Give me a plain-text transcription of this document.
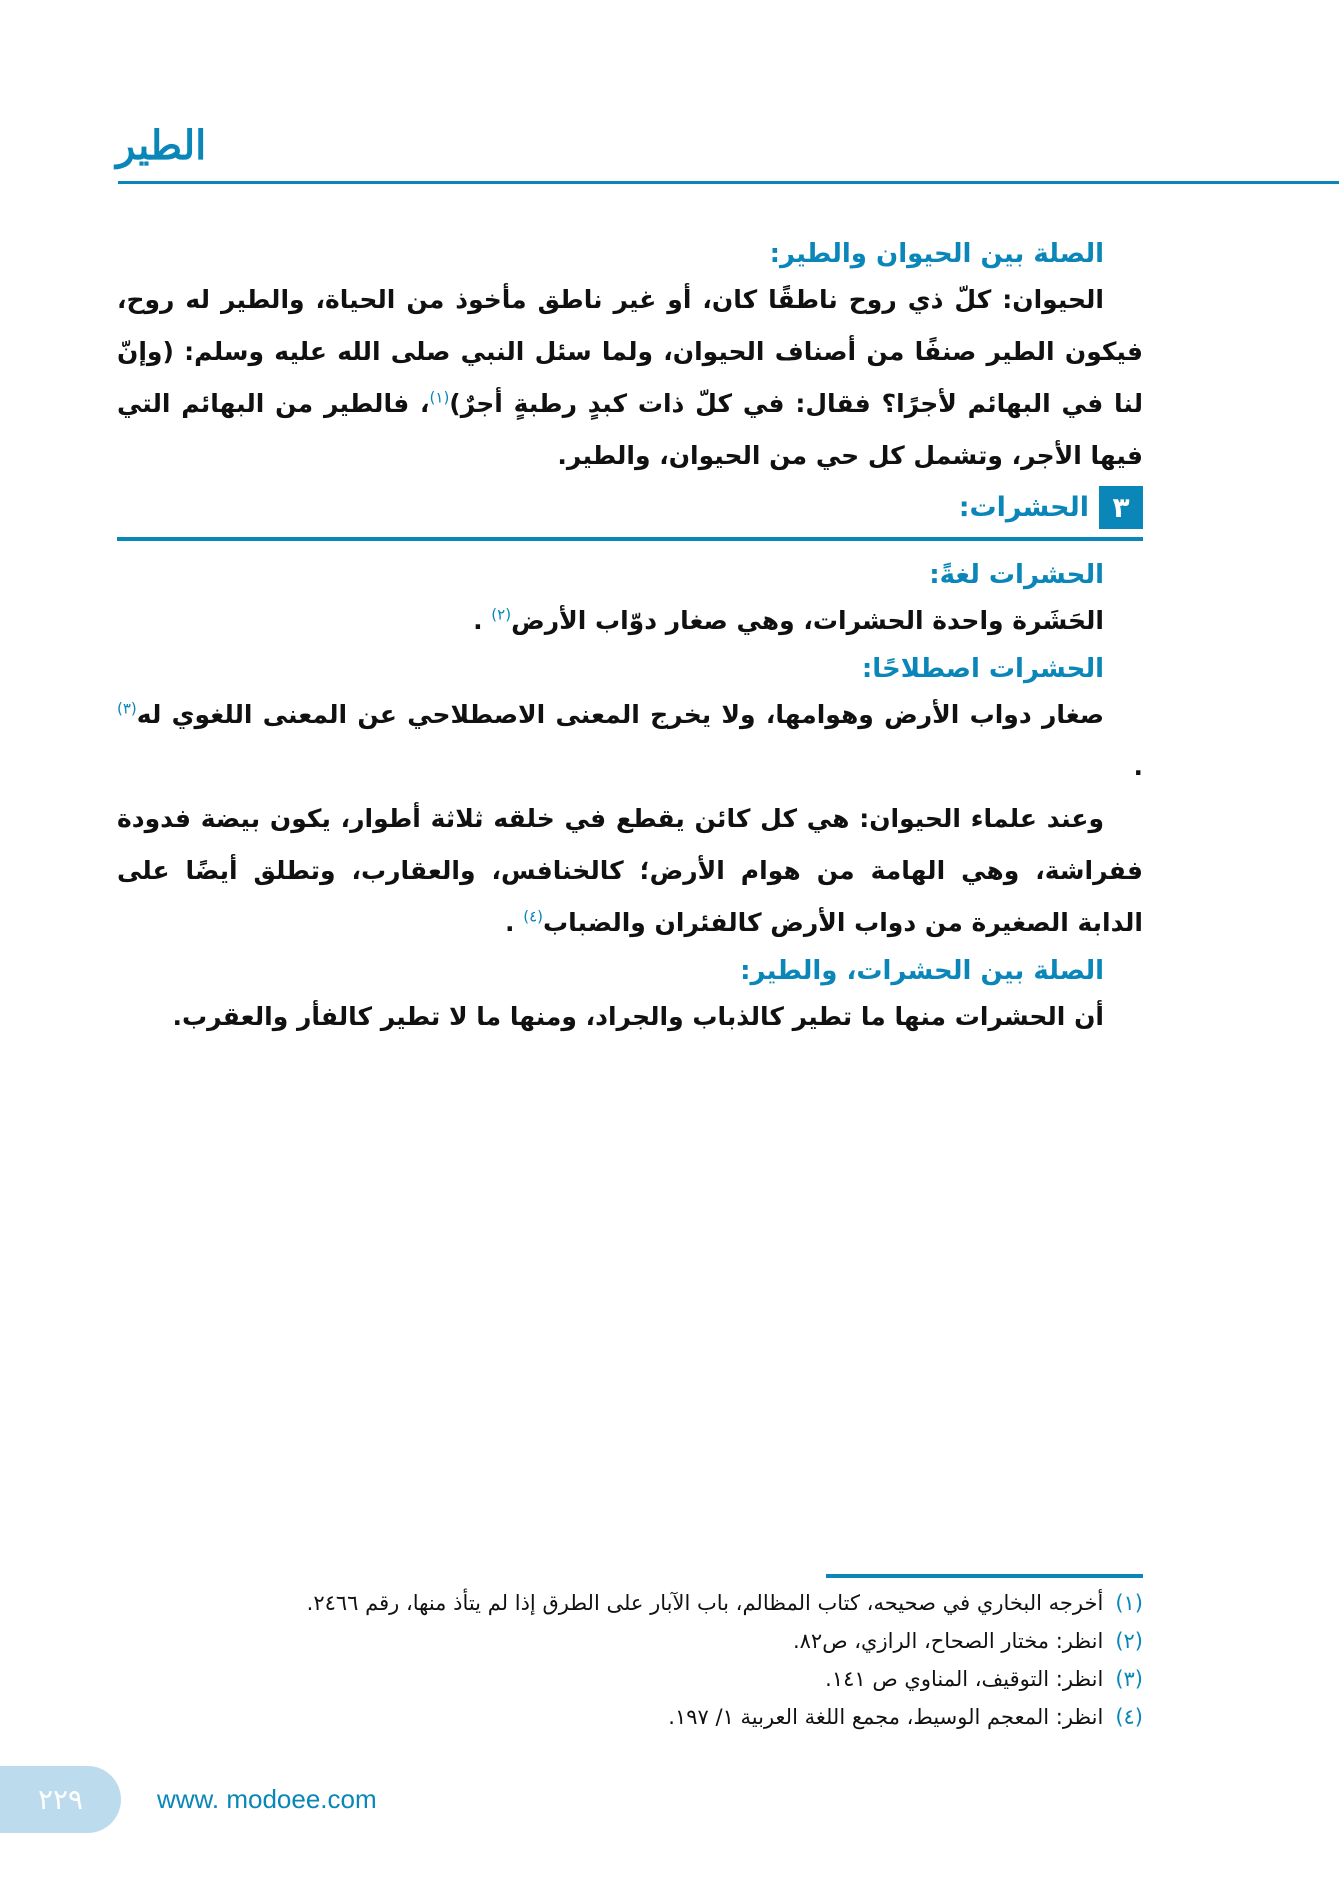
الطير
الصلة بين الحيوان والطير:

الحيوان: كلّ ذي روح ناطقًا كان، أو غير ناطق مأخوذ من الحياة، والطير له روح، فيكون الطير صنفًا من أصناف الحيوان، ولما سئل النبي صلى الله عليه وسلم: (وإنّ لنا في البهائم لأجرًا؟ فقال: في كلّ ذات كبدٍ رطبةٍ أجرٌ)$^{(١)}$، فالطير من البهائم التي فيها الأجر، وتشمل كل حي من الحيوان، والطير.

٣
الحشرات:
الحشرات لغةً:

الحَشَرة واحدة الحشرات، وهي صغار دوّاب الأرض$^{(٢)}$ .

الحشرات اصطلاحًا:

صغار دواب الأرض وهوامها، ولا يخرج المعنى الاصطلاحي عن المعنى اللغوي له$^{(٣)}$ .

وعند علماء الحيوان: هي كل كائن يقطع في خلقه ثلاثة أطوار، يكون بيضة فدودة ففراشة، وهي الهامة من هوام الأرض؛ كالخنافس، والعقارب، وتطلق أيضًا على الدابة الصغيرة من دواب الأرض كالفئران والضباب$^{(٤)}$ .

الصلة بين الحشرات، والطير:

أن الحشرات منها ما تطير كالذباب والجراد، ومنها ما لا تطير كالفأر والعقرب.

(١)أخرجه البخاري في صحيحه، كتاب المظالم، باب الآبار على الطرق إذا لم يتأذ منها، رقم ٢٤٦٦.
(٢)انظر: مختار الصحاح، الرازي، ص٨٢.
(٣)انظر: التوقيف، المناوي ص ١٤١.
(٤)انظر: المعجم الوسيط، مجمع اللغة العربية ١/ ١٩٧.
٢٢٩	www. modoee.com
